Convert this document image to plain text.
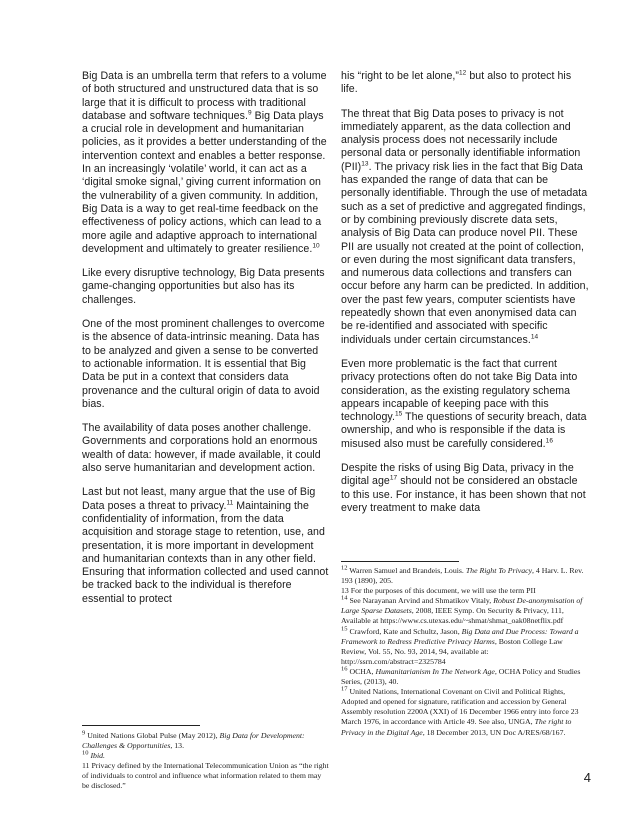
Big Data is an umbrella term that refers to a volume of both structured and unstructured data that is so large that it is difficult to process with traditional database and software techniques.$^9$ Big Data plays a crucial role in development and humanitarian policies, as it provides a better understanding of the intervention context and enables a better response. In an increasingly ‘volatile’ world, it can act as a ‘digital smoke signal,’ giving current information on the vulnerability of a given community. In addition, Big Data is a way to get real-time feedback on the effectiveness of policy actions, which can lead to a more agile and adaptive approach to international development and ultimately to greater resilience.$^{10}$

Like every disruptive technology, Big Data presents game-changing opportunities but also has its challenges.

One of the most prominent challenges to overcome is the absence of data-intrinsic meaning. Data has to be analyzed and given a sense to be converted to actionable information. It is essential that Big Data be put in a context that considers data provenance and the cultural origin of data to avoid bias.

The availability of data poses another challenge. Governments and corporations hold an enormous wealth of data: however, if made available, it could also serve humanitarian and development action.

Last but not least, many argue that the use of Big Data poses a threat to privacy.$^{11}$ Maintaining the confidentiality of information, from the data acquisition and storage stage to retention, use, and presentation, it is more important in development and humanitarian contexts than in any other field. Ensuring that information collected and used cannot be tracked back to the individual is therefore essential to protect

his “right to be let alone,”$^{12}$ but also to protect his life.

The threat that Big Data poses to privacy is not immediately apparent, as the data collection and analysis process does not necessarily include personal data or personally identifiable information (PII)$^{13}$. The privacy risk lies in the fact that Big Data has expanded the range of data that can be personally identifiable. Through the use of metadata such as a set of predictive and aggregated findings, or by combining previously discrete data sets, analysis of Big Data can produce novel PII. These PII are usually not created at the point of collection, or even during the most significant data transfers, and numerous data collections and transfers can occur before any harm can be predicted. In addition, over the past few years, computer scientists have repeatedly shown that even anonymised data can be re-identified and associated with specific individuals under certain circumstances.$^{14}$

Even more problematic is the fact that current privacy protections often do not take Big Data into consideration, as the existing regulatory schema appears incapable of keeping pace with this technology.$^{15}$ The questions of security breach, data ownership, and who is responsible if the data is misused also must be carefully considered.$^{16}$

Despite the risks of using Big Data, privacy in the digital age$^{17}$ should not be considered an obstacle to this use. For instance, it has been shown that not every treatment to make data

$^9$ United Nations Global Pulse (May 2012), Big Data for Development: Challenges & Opportunities, 13.

$^{10}$ Ibid.

11 Privacy defined by the International Telecommunication Union as “the right of individuals to control and influence what information related to them may be disclosed.”

$^{12}$ Warren Samuel and Brandeis, Louis. The Right To Privacy, 4 Harv. L. Rev. 193 (1890), 205.

13 For the purposes of this document, we will use the term PII

$^{14}$ See Narayanan Arvind and Shmatikov Vitaly, Robust De-anonymisation of Large Sparse Datasets, 2008, IEEE Symp. On Security & Privacy, 111, Available at https://www.cs.utexas.edu/~shmat/shmat_oak08netflix.pdf

$^{15}$ Crawford, Kate and Schultz, Jason, Big Data and Due Process: Toward a Framework to Redress Predictive Privacy Harms, Boston College Law Review, Vol. 55, No. 93, 2014, 94, available at: http://ssrn.com/abstract=2325784

$^{16}$ OCHA, Humanitarianism In The Network Age, OCHA Policy and Studies Series, (2013), 40.

$^{17}$ United Nations, International Covenant on Civil and Political Rights, Adopted and opened for signature, ratification and accession by General Assembly resolution 2200A (XXI) of 16 December 1966 entry into force 23 March 1976, in accordance with Article 49. See also, UNGA, The right to Privacy in the Digital Age, 18 December 2013, UN Doc A/RES/68/167.

4
